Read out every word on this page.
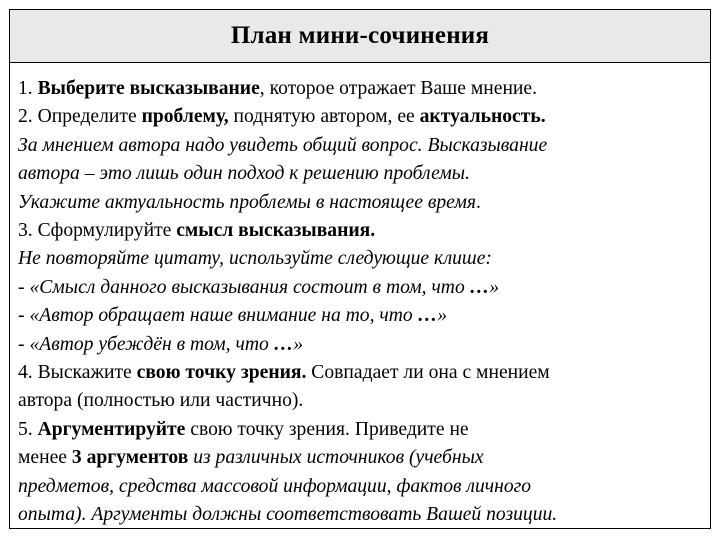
План мини-сочинения
1. Выберите высказывание, которое отражает Ваше мнение.
2. Определите проблему, поднятую автором, ее актуальность.
За мнением автора надо увидеть общий вопрос. Высказывание
автора – это лишь один подход к решению проблемы.
Укажите актуальность проблемы в настоящее время.
3. Сформулируйте смысл высказывания.
Не повторяйте цитату, используйте следующие клише:
- «Смысл данного высказывания состоит в том, что …»
- «Автор обращает наше внимание на то, что …»
- «Автор убеждён в том, что …»
4. Выскажите свою точку зрения. Совпадает ли она с мнением
автора (полностью или частично).
5. Аргументируйте свою точку зрения. Приведите не
менее 3 аргументов из различных источников (учебных
предметов, средства массовой информации, фактов личного
опыта). Аргументы должны соответствовать Вашей позиции.
